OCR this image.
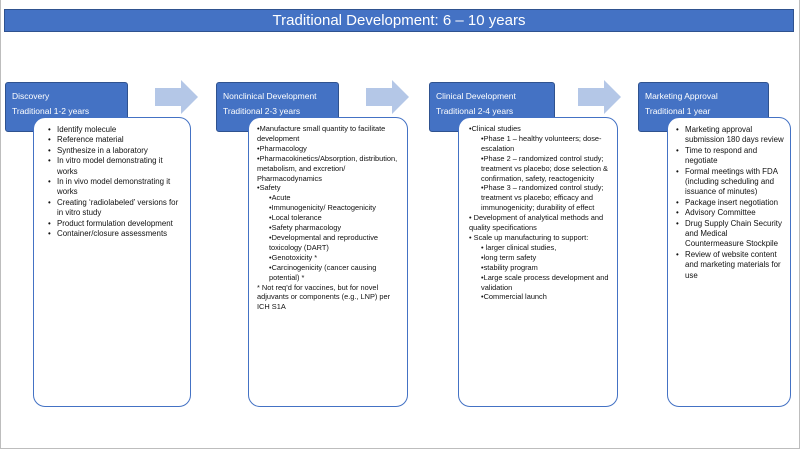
Traditional Development: 6 – 10 years
Discovery
Traditional 1-2 years
• Identify molecule
• Reference material
• Synthesize in a laboratory
• In vitro model demonstrating it works
• In in vivo model demonstrating it works
• Creating ‘radiolabeled’ versions for in vitro study
• Product formulation development
• Container/closure assessments
Nonclinical Development
Traditional 2-3 years
•Manufacture small quantity to facilitate development
•Pharmacology
•Pharmacokinetics/Absorption, distribution, metabolism, and excretion/ Pharmacodynamics
•Safety
•Acute
•Immunogenicity/ Reactogenicity
•Local tolerance
•Safety pharmacology
•Developmental and reproductive toxicology (DART)
•Genotoxicity *
•Carcinogenicity (cancer causing potential) *
* Not req’d for vaccines, but for novel adjuvants or components (e.g., LNP) per ICH S1A
Clinical Development
Traditional 2-4 years
•Clinical studies
•Phase 1 – healthy volunteers; dose-escalation
•Phase 2 – randomized control study; treatment vs placebo; dose selection & confirmation, safety, reactogenicity
•Phase 3 – randomized control study; treatment vs placebo; efficacy and immunogenicity; durability of effect
• Development of analytical methods and quality specifications
• Scale up manufacturing to support:
• larger clinical studies,
•long term safety
•stability program
•Large scale process development and validation
•Commercial launch
Marketing Approval
Traditional 1 year
• Marketing approval submission 180 days review
• Time to respond and negotiate
• Formal meetings with FDA (including scheduling and issuance of minutes)
• Package insert negotiation
• Advisory Committee
• Drug Supply Chain Security and Medical Countermeasure Stockpile
• Review of website content and marketing materials for use
